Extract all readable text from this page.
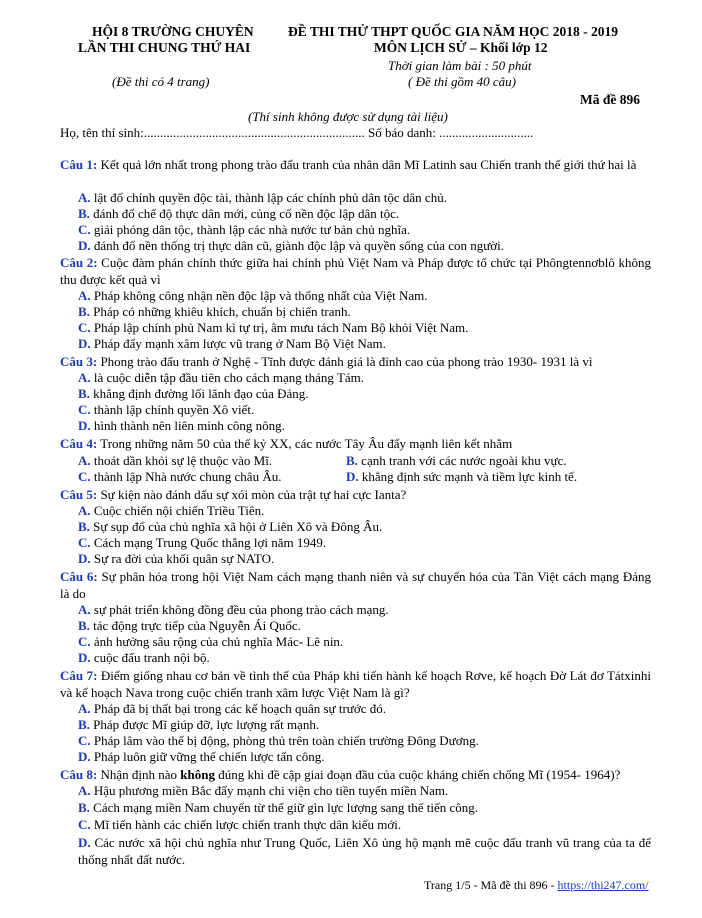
HỘI 8 TRƯỜNG CHUYÊN
LẦN THI CHUNG THỨ HAI
(Đề thi có 4 trang)
ĐỀ THI THỬ THPT QUỐC GIA NĂM HỌC 2018 - 2019
MÔN LỊCH SỬ – Khối lớp 12
Thời gian làm bài : 50 phút
( Đề thi gồm 40 câu)
Mã đề 896
(Thí sinh không được sử dụng tài liệu)
Họ, tên thí sinh:.................................................................... Số báo danh: .............................
Câu 1: Kết quả lớn nhất trong phong trào đấu tranh của nhân dân Mĩ Latinh sau Chiến tranh thế giới thứ hai là
A. lật đổ chính quyền độc tài, thành lập các chính phủ dân tộc dân chủ.
B. đánh đổ chế độ thực dân mới, củng cố nền độc lập dân tộc.
C. giải phóng dân tộc, thành lập các nhà nước tư bản chủ nghĩa.
D. đánh đổ nền thống trị thực dân cũ, giành độc lập và quyền sống của con người.
Câu 2: Cuộc đàm phán chính thức giữa hai chính phủ Việt Nam và Pháp được tổ chức tại Phôngtennơblô không thu được kết quả vì
A. Pháp không công nhận nền độc lập và thống nhất của Việt Nam.
B. Pháp có những khiêu khích, chuẩn bị chiến tranh.
C. Pháp lập chính phủ Nam kì tự trị, âm mưu tách Nam Bộ khỏi Việt Nam.
D. Pháp đẩy mạnh xâm lược vũ trang ở Nam Bộ Việt Nam.
Câu 3: Phong trào đấu tranh ở Nghệ - Tĩnh được đánh giá là đỉnh cao của phong trào 1930- 1931 là vì
A. là cuộc diễn tập đầu tiên cho cách mạng tháng Tám.
B. khẳng định đường lối lãnh đạo của Đảng.
C. thành lập chính quyền Xô viết.
D. hình thành nên liên minh công nông.
Câu 4: Trong những năm 50 của thế kỷ XX, các nước Tây Âu đẩy mạnh liên kết nhằm
A. thoát dần khỏi sự lệ thuộc vào Mĩ.	B. cạnh tranh với các nước ngoài khu vực.
C. thành lập Nhà nước chung châu Âu.	D. khẳng định sức mạnh và tiềm lực kinh tế.
Câu 5: Sự kiện nào đánh dấu sự xói mòn của trật tự hai cực Ianta?
A. Cuộc chiến nội chiến Triều Tiên.
B. Sự sụp đổ của chủ nghĩa xã hội ở Liên Xô và Đông Âu.
C. Cách mạng Trung Quốc thắng lợi năm 1949.
D. Sự ra đời của khối quân sự NATO.
Câu 6: Sự phân hóa trong hội Việt Nam cách mạng thanh niên và sự chuyển hóa của Tân Việt cách mạng Đảng là do
A. sự phát triển không đồng đều của phong trào cách mạng.
B. tác động trực tiếp của Nguyễn Ái Quốc.
C. ảnh hưởng sâu rộng của chủ nghĩa Mác- Lê nin.
D. cuộc đấu tranh nội bộ.
Câu 7: Điểm giống nhau cơ bản về tình thế của Pháp khi tiến hành kế hoạch Rơve, kế hoạch Đờ Lát đơ Tátxinhi và kế hoạch Nava trong cuộc chiến tranh xâm lược Việt Nam là gì?
A. Pháp đã bị thất bại trong các kế hoạch quân sự trước đó.
B. Pháp được Mĩ giúp đỡ, lực lượng rất mạnh.
C. Pháp lâm vào thế bị động, phòng thủ trên toàn chiến trường Đông Dương.
D. Pháp luôn giữ vững thế chiến lược tấn công.
Câu 8: Nhận định nào không đúng khi đề cập giai đoạn đầu của cuộc kháng chiến chống Mĩ (1954- 1964)?
A. Hậu phương miền Bắc đẩy mạnh chi viện cho tiền tuyến miền Nam.
B. Cách mạng miền Nam chuyển từ thế giữ gìn lực lượng sang thế tiến công.
C. Mĩ tiến hành các chiến lược chiến tranh thực dân kiểu mới.
D. Các nước xã hội chủ nghĩa như Trung Quốc, Liên Xô ủng hộ mạnh mẽ cuộc đấu tranh vũ trang của ta để thống nhất đất nước.
Trang 1/5 - Mã đề thi 896 - https://thi247.com/
